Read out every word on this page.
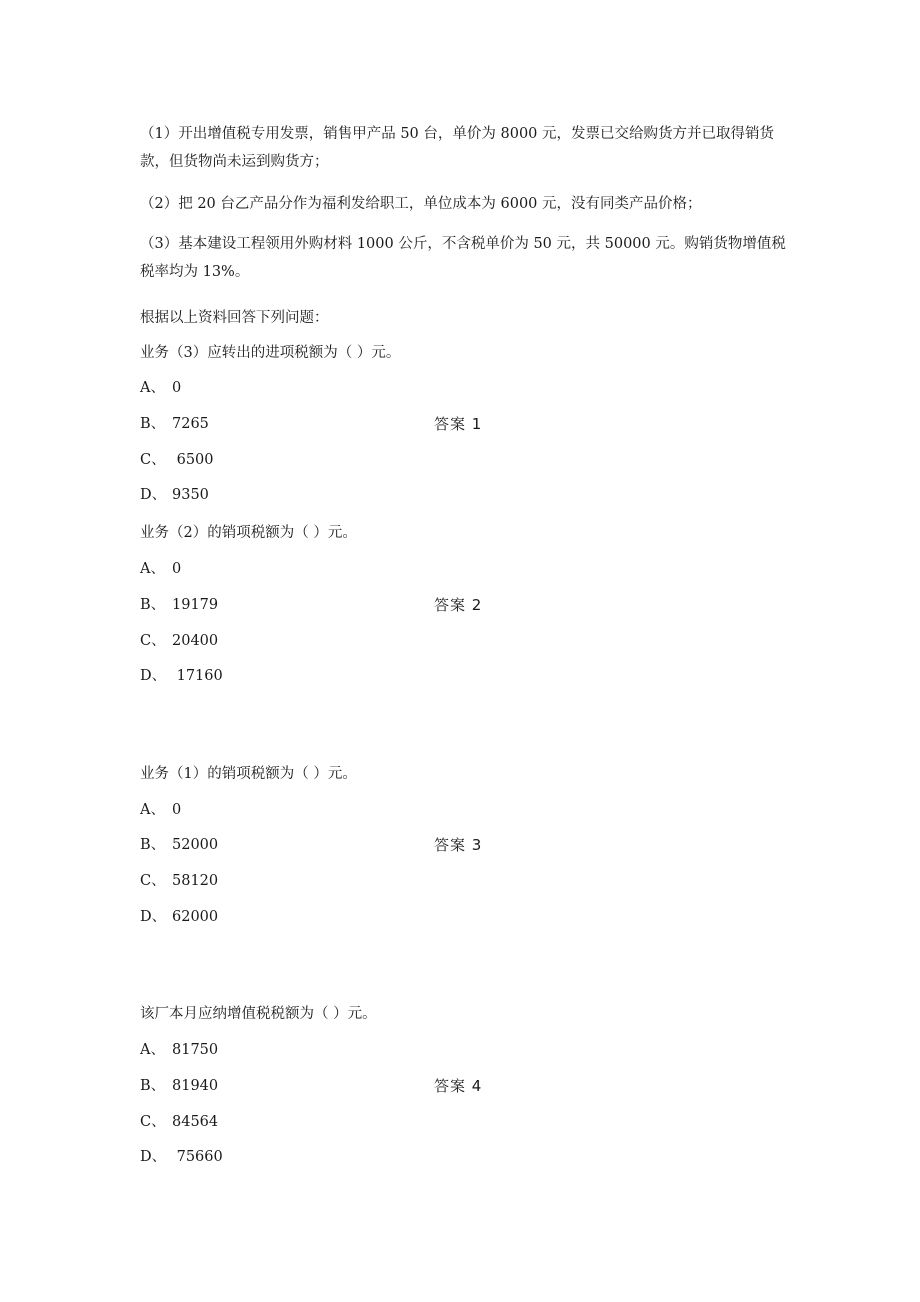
（1）开出增值税专用发票，销售甲产品 50 台，单价为 8000 元，发票已交给购货方并已取得销货款，但货物尚未运到购货方；

（2）把 20 台乙产品分作为福利发给职工，单位成本为 6000 元，没有同类产品价格；

（3）基本建设工程领用外购材料 1000 公斤，不含税单价为 50 元，共 50000 元。购销货物增值税税率均为 13%。

根据以上资料回答下列问题：

业务（3）应转出的进项税额为（ ）元。

A、 0
B、 7265
C、 6500
D、 9350
答案 1

业务（2）的销项税额为（ ）元。

A、 0
B、 19179
C、 20400
D、 17160
答案 2

业务（1）的销项税额为（ ）元。

A、 0
B、 52000
C、 58120
D、 62000
答案 3

该厂本月应纳增值税税额为（ ）元。

A、 81750
B、 81940
C、 84564
D、 75660
答案 4
